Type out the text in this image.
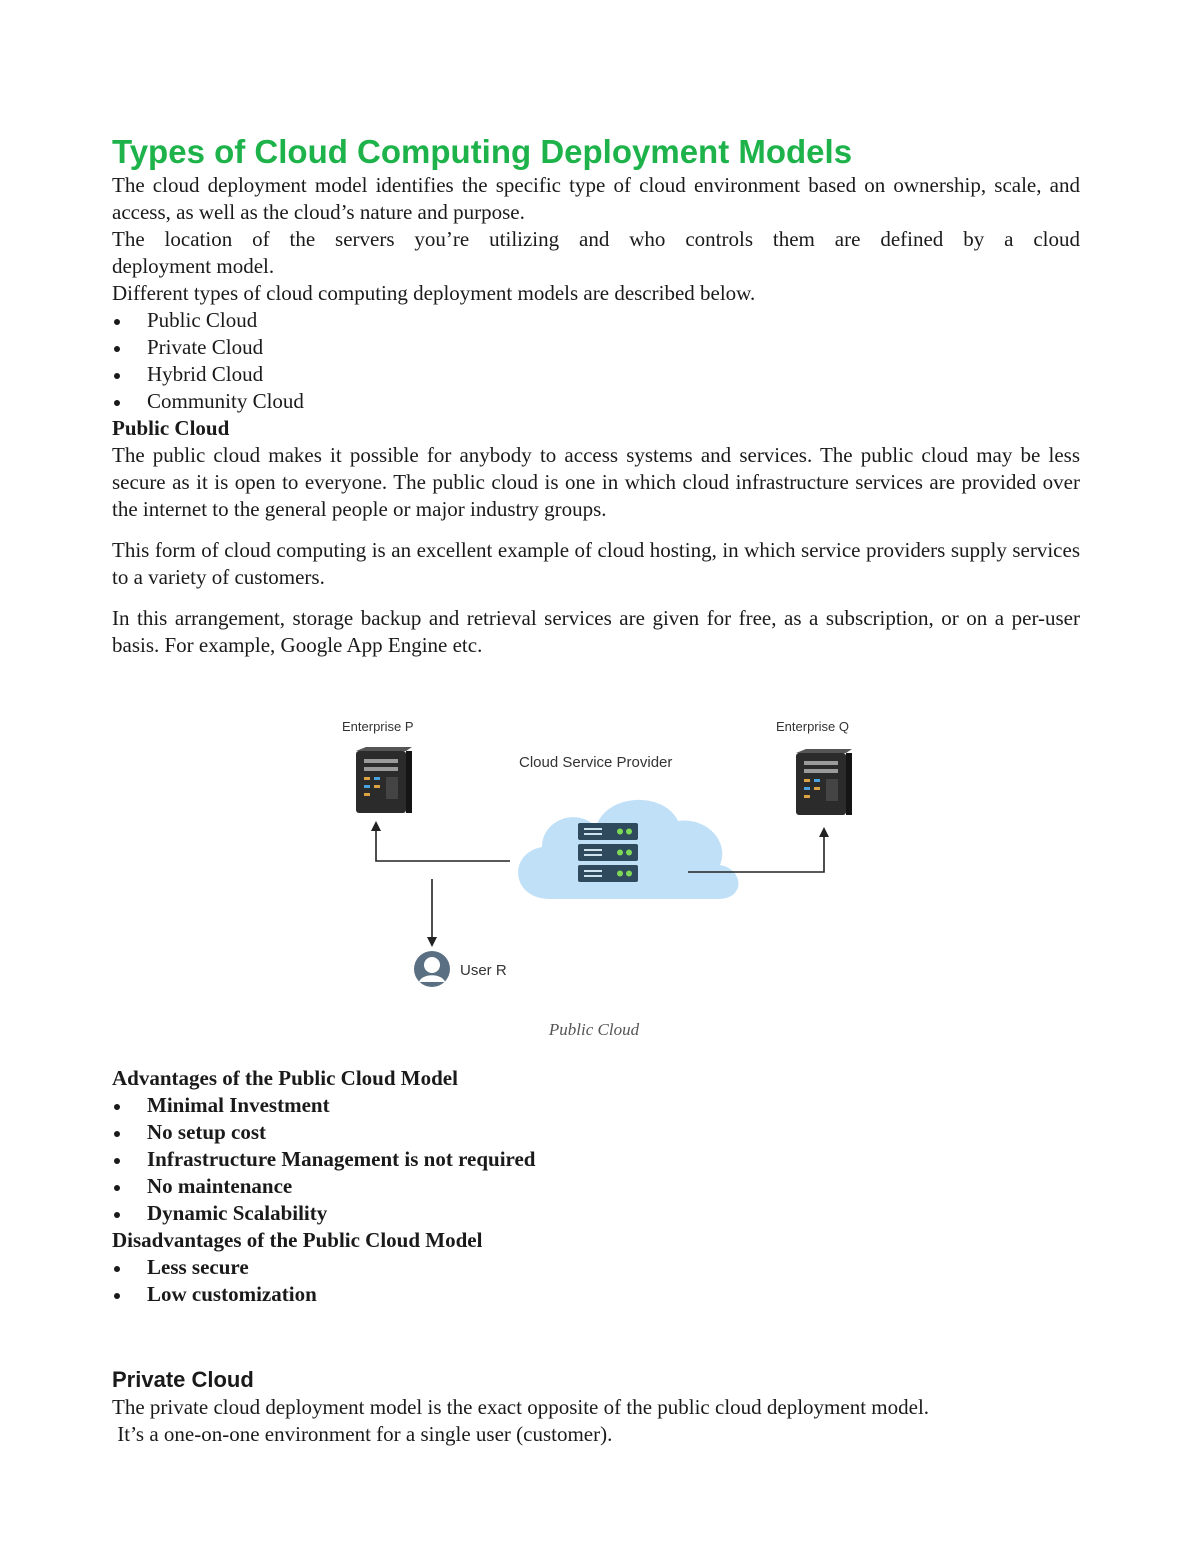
Types of Cloud Computing Deployment Models

The cloud deployment model identifies the specific type of cloud environment based on ownership, scale, and access, as well as the cloud’s nature and purpose.

The location of the servers you’re utilizing and who controls them are defined by a cloud

deployment model.

Different types of cloud computing deployment models are described below.

Public Cloud
Private Cloud
Hybrid Cloud
Community Cloud

Public Cloud

The public cloud makes it possible for anybody to access systems and services. The public cloud may be less secure as it is open to everyone. The public cloud is one in which cloud infrastructure services are provided over the internet to the general people or major industry groups.

This form of cloud computing is an excellent example of cloud hosting, in which service providers supply services to a variety of customers.

In this arrangement, storage backup and retrieval services are given for free, as a subscription, or on a per-user basis. For example, Google App Engine etc.

Enterprise P	Enterprise Q
Cloud Service Provider
User R
Public Cloud

Advantages of the Public Cloud Model

Minimal Investment
No setup cost
Infrastructure Management is not required
No maintenance
Dynamic Scalability

Disadvantages of the Public Cloud Model

Less secure
Low customization

Private Cloud

The private cloud deployment model is the exact opposite of the public cloud deployment model.

It’s a one-on-one environment for a single user (customer).
